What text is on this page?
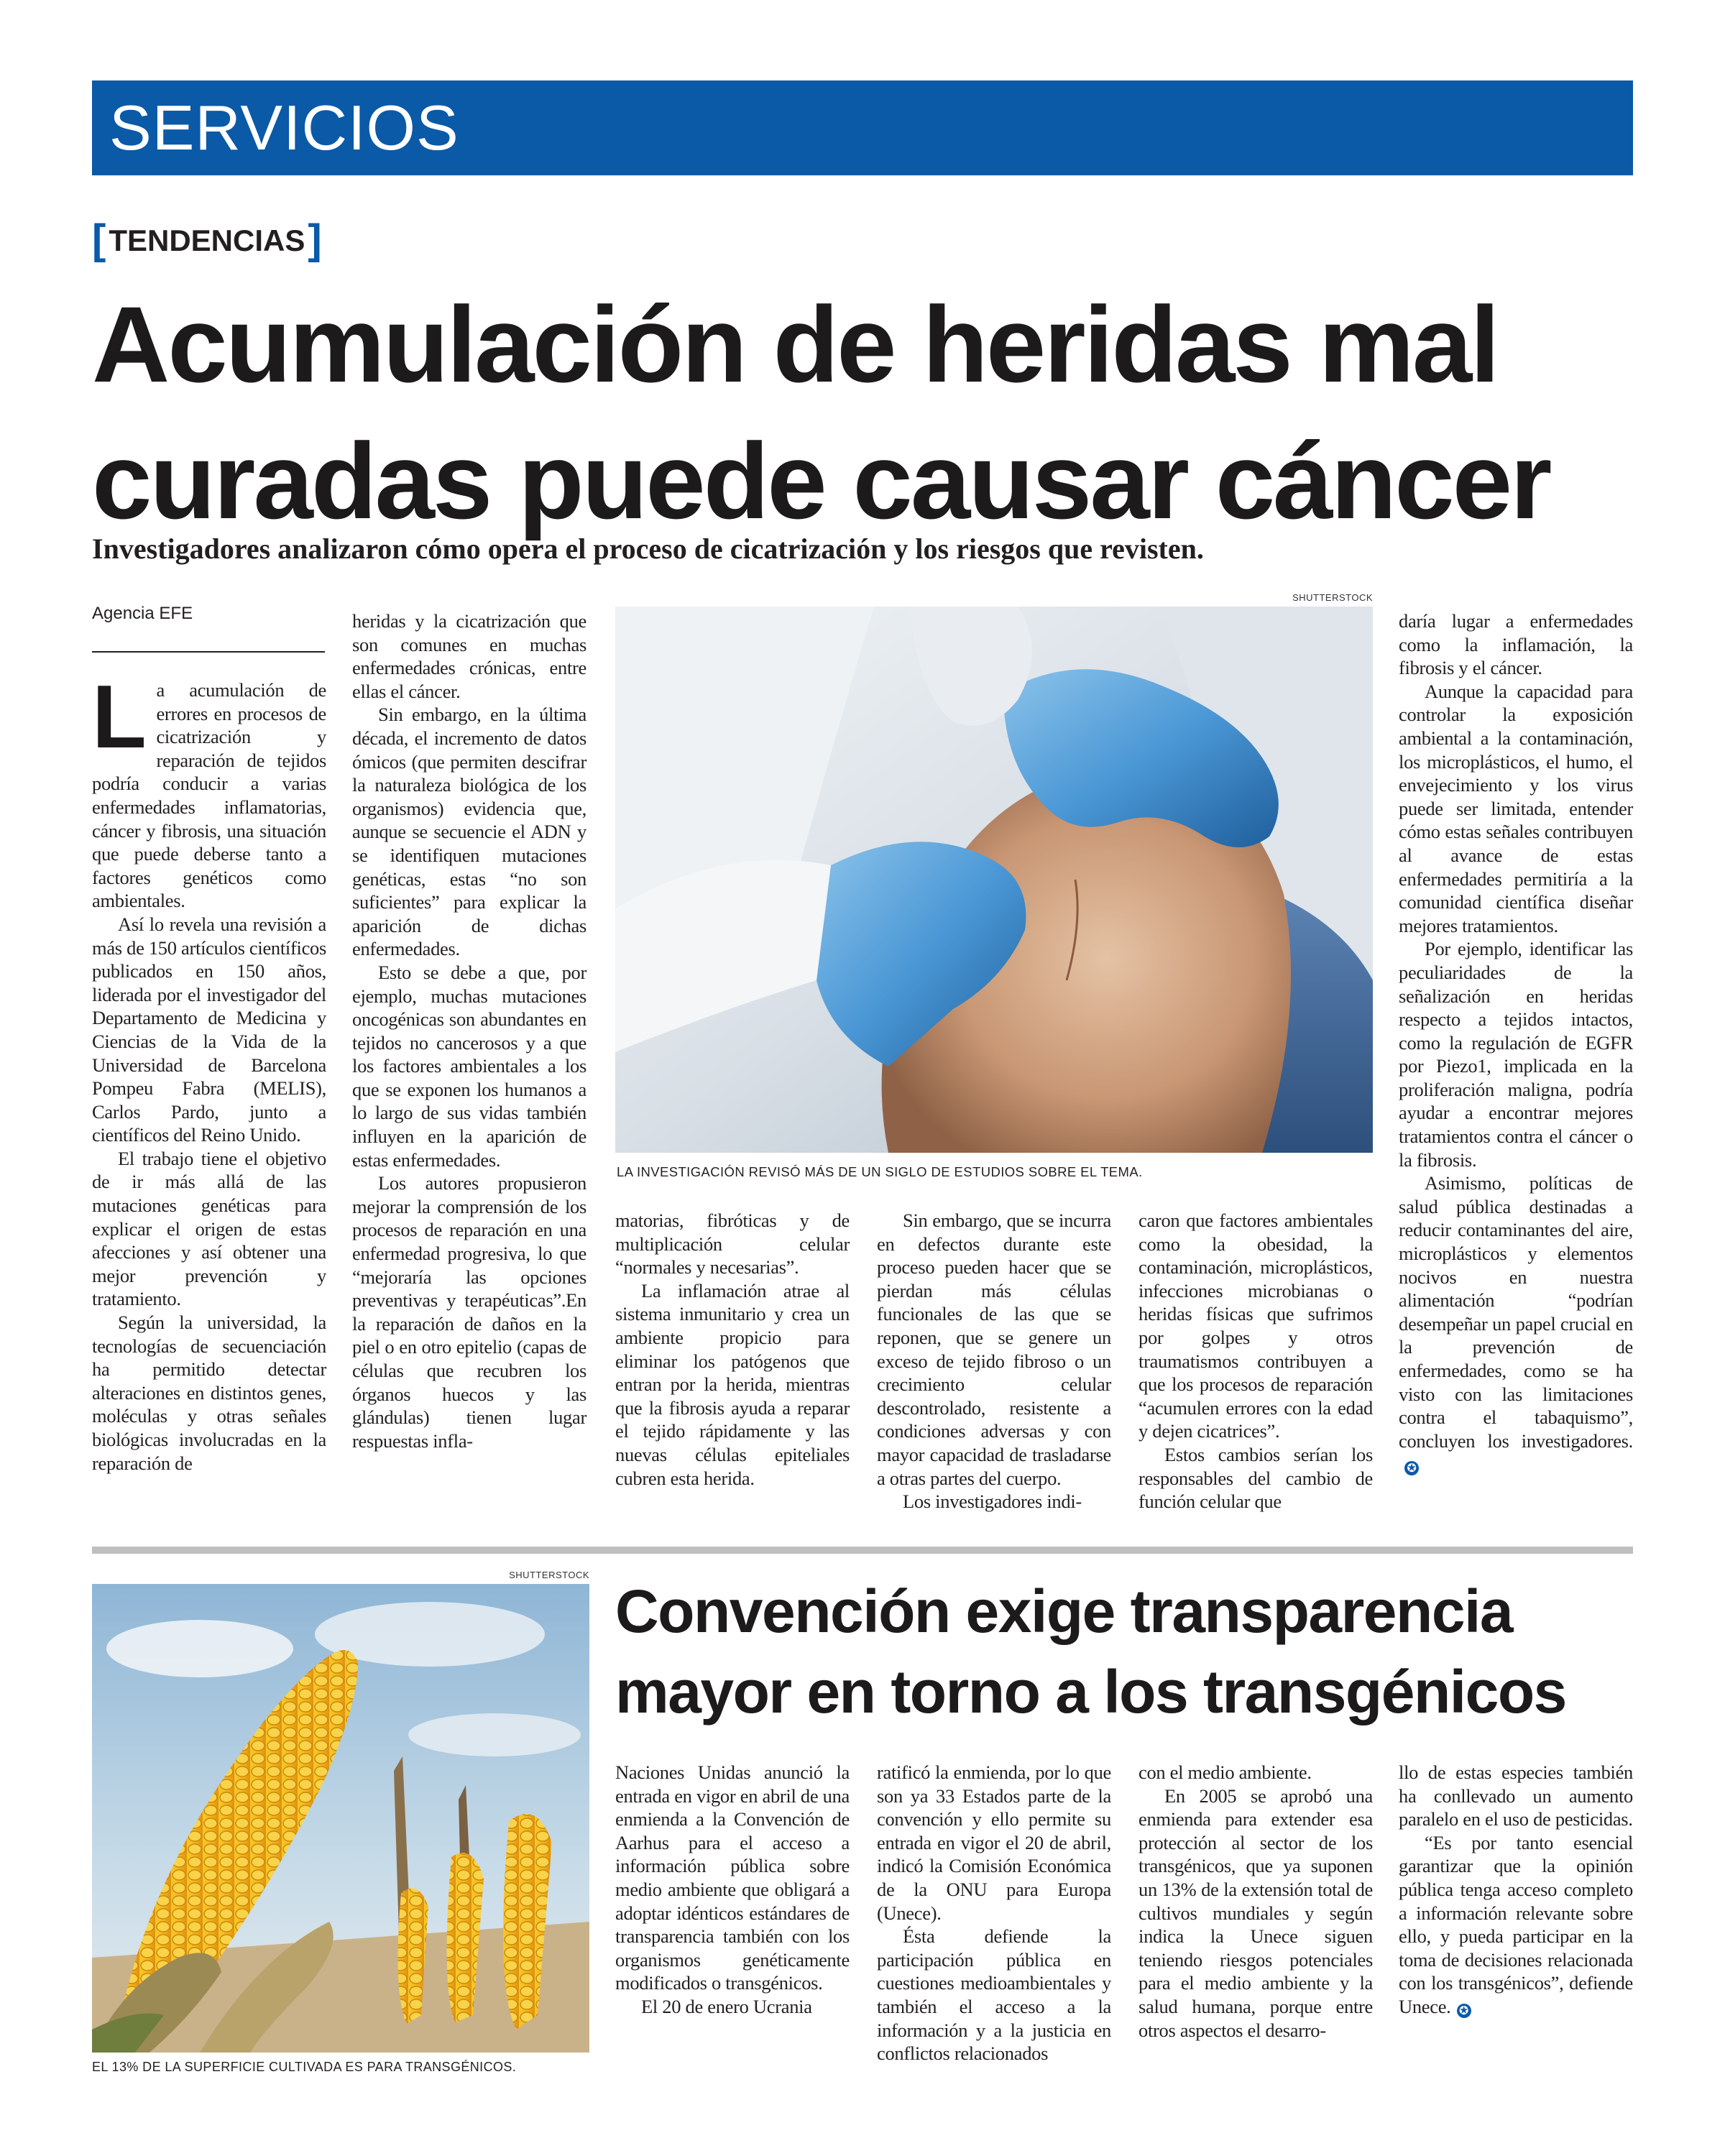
SERVICIOS
[TENDENCIAS]
Acumulación de heridas mal
curadas puede causar cáncer
Investigadores analizaron cómo opera el proceso de cicatrización y los riesgos que revisten.
Agencia EFE

La acumulación de errores en procesos de cicatrización y reparación de tejidos podría conducir a varias enfermedades inflamatorias, cáncer y fibrosis, una situación que puede deberse tanto a factores genéticos como ambientales.

Así lo revela una revisión a más de 150 artículos científicos publicados en 150 años, liderada por el investigador del Departamento de Medicina y Ciencias de la Vida de la Universidad de Barcelona Pompeu Fabra (MELIS), Carlos Pardo, junto a científicos del Reino Unido.

El trabajo tiene el objetivo de ir más allá de las mutaciones genéticas para explicar el origen de estas afecciones y así obtener una mejor prevención y tratamiento.

Según la universidad, la tecnologías de secuenciación ha permitido detectar alteraciones en distintos genes, moléculas y otras señales biológicas involucradas en la reparación de

heridas y la cicatrización que son comunes en muchas enfermedades crónicas, entre ellas el cáncer.

Sin embargo, en la última década, el incremento de datos ómicos (que permiten descifrar la naturaleza biológica de los organismos) evidencia que, aunque se secuencie el ADN y se identifiquen mutaciones genéticas, estas “no son suficientes” para explicar la aparición de dichas enfermedades.

Esto se debe a que, por ejemplo, muchas mutaciones oncogénicas son abundantes en tejidos no cancerosos y a que los factores ambientales a los que se exponen los humanos a lo largo de sus vidas también influyen en la aparición de estas enfermedades.

Los autores propusieron mejorar la comprensión de los procesos de reparación en una enfermedad progresiva, lo que “mejoraría las opciones preventivas y terapéuticas”.En la reparación de daños en la piel o en otro epitelio (capas de células que recubren los órganos huecos y las glándulas) tienen lugar respuestas infla-

SHUTTERSTOCK
LA INVESTIGACIÓN REVISÓ MÁS DE UN SIGLO DE ESTUDIOS SOBRE EL TEMA.

matorias, fibróticas y de multiplicación celular “normales y necesarias”.

La inflamación atrae al sistema inmunitario y crea un ambiente propicio para eliminar los patógenos que entran por la herida, mientras que la fibrosis ayuda a reparar el tejido rápidamente y las nuevas células epiteliales cubren esta herida.

Sin embargo, que se incurra en defectos durante este proceso pueden hacer que se pierdan más células funcionales de las que se reponen, que se genere un exceso de tejido fibroso o un crecimiento celular descontrolado, resistente a condiciones adversas y con mayor capacidad de trasladarse a otras partes del cuerpo.

Los investigadores indi-

caron que factores ambientales como la obesidad, la contaminación, microplásticos, infecciones microbianas o heridas físicas que sufrimos por golpes y otros traumatismos contribuyen a que los procesos de reparación “acumulen errores con la edad y dejen cicatrices”.

Estos cambios serían los responsables del cambio de función celular que

daría lugar a enfermedades como la inflamación, la fibrosis y el cáncer.

Aunque la capacidad para controlar la exposición ambiental a la contaminación, los microplásticos, el humo, el envejecimiento y los virus puede ser limitada, entender cómo estas señales contribuyen al avance de estas enfermedades permitiría a la comunidad científica diseñar mejores tratamientos.

Por ejemplo, identificar las peculiaridades de la señalización en heridas respecto a tejidos intactos, como la regulación de EGFR por Piezo1, implicada en la proliferación maligna, podría ayudar a encontrar mejores tratamientos contra el cáncer o la fibrosis.

Asimismo, políticas de salud pública destinadas a reducir contaminantes del aire, microplásticos y elementos nocivos en nuestra alimentación “podrían desempeñar un papel crucial en la prevención de enfermedades, como se ha visto con las limitaciones contra el tabaquismo”, concluyen los investigadores.✪

SHUTTERSTOCK
EL 13% DE LA SUPERFICIE CULTIVADA ES PARA TRANSGÉNICOS.
Convención exige transparencia
mayor en torno a los transgénicos

Naciones Unidas anunció la entrada en vigor en abril de una enmienda a la Convención de Aarhus para el acceso a información pública sobre medio ambiente que obligará a adoptar idénticos estándares de transparencia también con los organismos genéticamente modificados o transgénicos.

El 20 de enero Ucrania

ratificó la enmienda, por lo que son ya 33 Estados parte de la convención y ello permite su entrada en vigor el 20 de abril, indicó la Comisión Económica de la ONU para Europa (Unece).

Ésta defiende la participación pública en cuestiones medioambientales y también el acceso a la información y a la justicia en conflictos relacionados

con el medio ambiente.

En 2005 se aprobó una enmienda para extender esa protección al sector de los transgénicos, que ya suponen un 13% de la extensión total de cultivos mundiales y según indica la Unece siguen teniendo riesgos potenciales para el medio ambiente y la salud humana, porque entre otros aspectos el desarro-

llo de estas especies también ha conllevado un aumento paralelo en el uso de pesticidas.

“Es por tanto esencial garantizar que la opinión pública tenga acceso completo a información relevante sobre ello, y pueda participar en la toma de decisiones relacionada con los transgénicos”, defiende Unece. ✪
